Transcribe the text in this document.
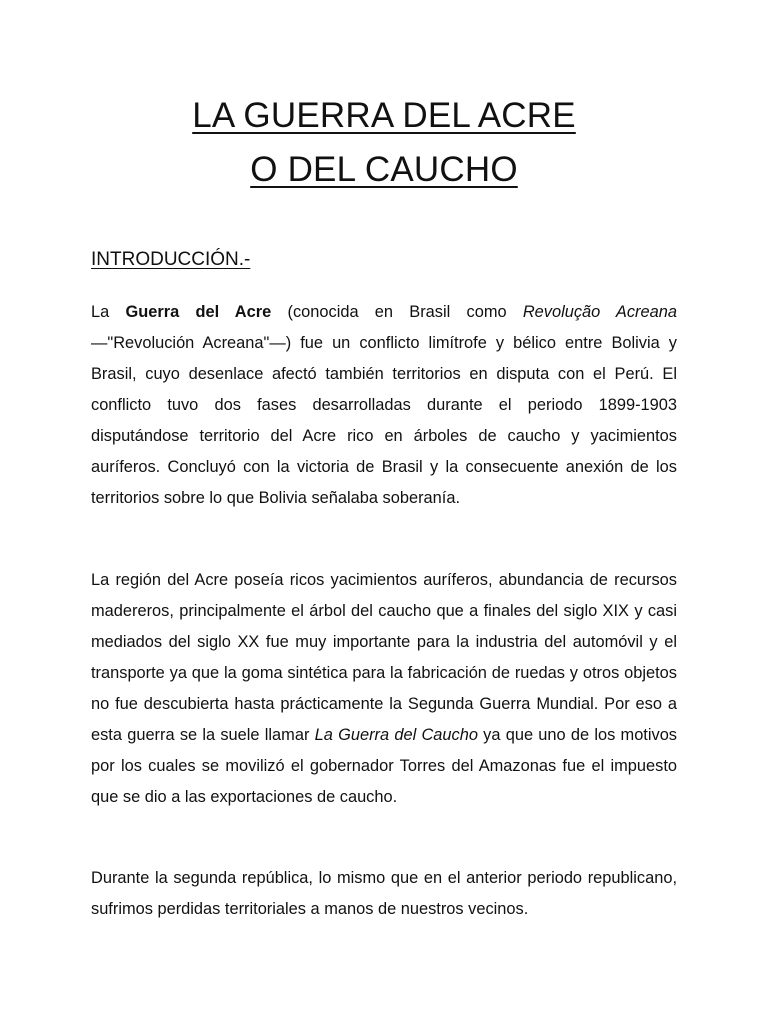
LA GUERRA DEL ACRE
O DEL CAUCHO
INTRODUCCIÓN.-

La Guerra del Acre (conocida en Brasil como Revolução Acreana —"Revolución Acreana"—) fue un conflicto limítrofe y bélico entre Bolivia y Brasil, cuyo desenlace afectó también territorios en disputa con el Perú. El conflicto tuvo dos fases desarrolladas durante el periodo 1899-1903 disputándose territorio del Acre rico en árboles de caucho y yacimientos auríferos. Concluyó con la victoria de Brasil y la consecuente anexión de los territorios sobre lo que Bolivia señalaba soberanía.

La región del Acre poseía ricos yacimientos auríferos, abundancia de recursos madereros, principalmente el árbol del caucho que a finales del siglo XIX y casi mediados del siglo XX fue muy importante para la industria del automóvil y el transporte ya que la goma sintética para la fabricación de ruedas y otros objetos no fue descubierta hasta prácticamente la Segunda Guerra Mundial. Por eso a esta guerra se la suele llamar La Guerra del Caucho ya que uno de los motivos por los cuales se movilizó el gobernador Torres del Amazonas fue el impuesto que se dio a las exportaciones de caucho.

Durante la segunda república, lo mismo que en el anterior periodo republicano, sufrimos perdidas territoriales a manos de nuestros vecinos.
